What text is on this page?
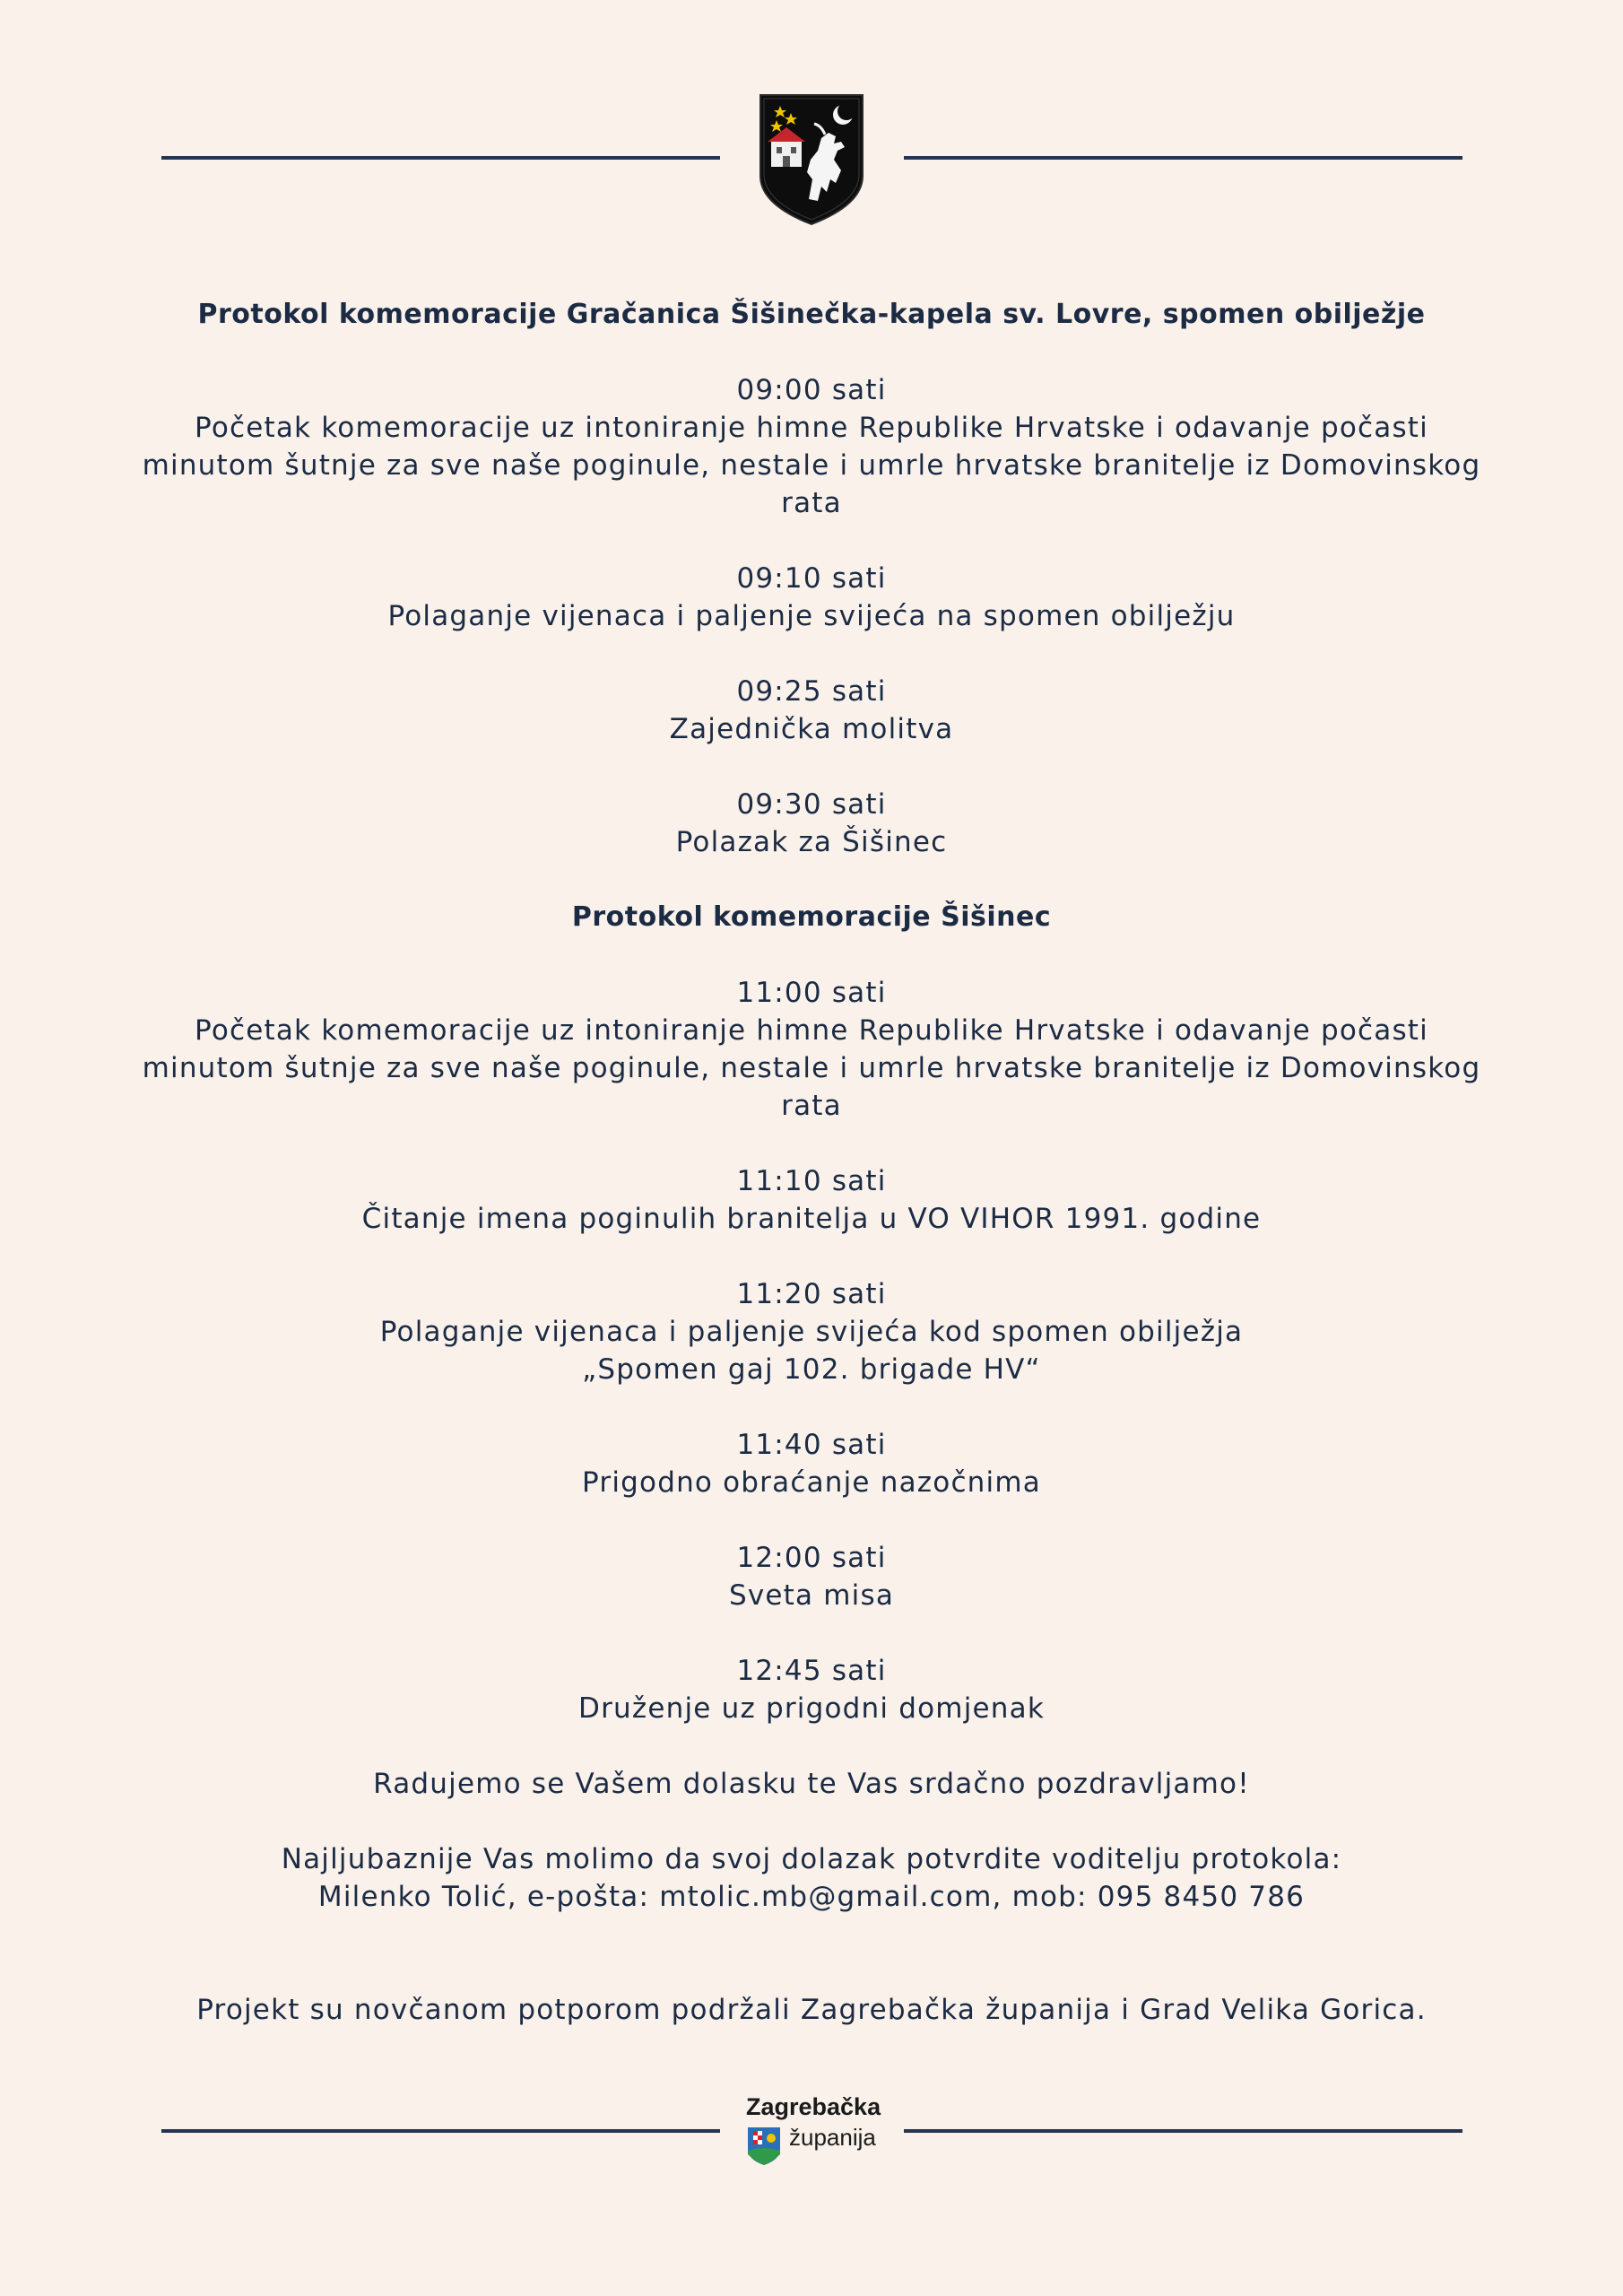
Protokol komemoracije Gračanica Šišinečka-kapela sv. Lovre, spomen obilježje

09:00 sati

Početak komemoracije uz intoniranje himne Republike Hrvatske i odavanje počasti

minutom šutnje za sve naše poginule, nestale i umrle hrvatske branitelje iz Domovinskog

rata

09:10 sati

Polaganje vijenaca i paljenje svijeća na spomen obilježju

09:25 sati

Zajednička molitva

09:30 sati

Polazak za Šišinec

Protokol komemoracije Šišinec

11:00 sati

Početak komemoracije uz intoniranje himne Republike Hrvatske i odavanje počasti

minutom šutnje za sve naše poginule, nestale i umrle hrvatske branitelje iz Domovinskog

rata

11:10 sati

Čitanje imena poginulih branitelja u VO VIHOR 1991. godine

11:20 sati

Polaganje vijenaca i paljenje svijeća kod spomen obilježja

„Spomen gaj 102. brigade HV“

11:40 sati

Prigodno obraćanje nazočnima

12:00 sati

Sveta misa

12:45 sati

Druženje uz prigodni domjenak

Radujemo se Vašem dolasku te Vas srdačno pozdravljamo!

Najljubaznije Vas molimo da svoj dolazak potvrdite voditelju protokola:

Milenko Tolić, e-pošta: mtolic.mb@gmail.com, mob: 095 8450 786

Projekt su novčanom potporom podržali Zagrebačka županija i Grad Velika Gorica.

Zagrebačka
županija
